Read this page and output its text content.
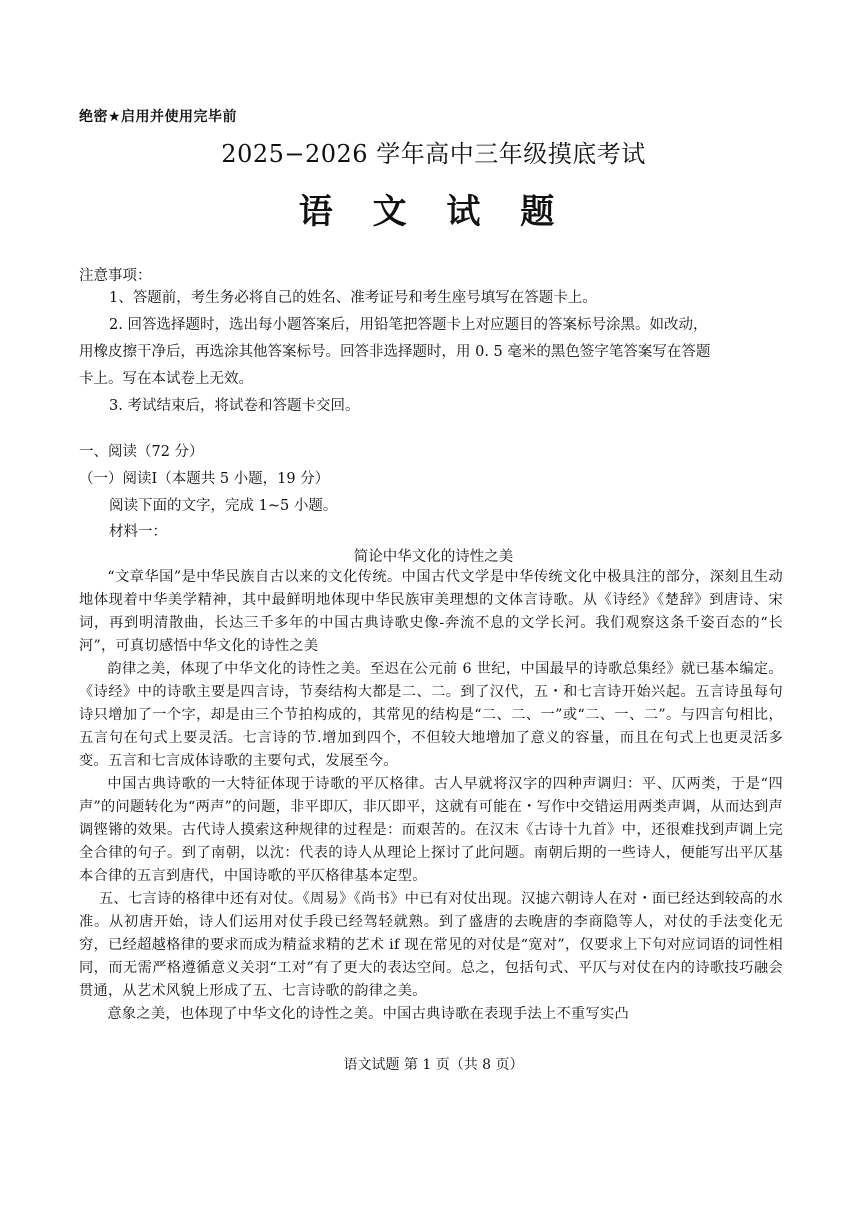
绝密★启用并使用完毕前
2025−2026 学年高中三年级摸底考试
语 文 试 题
注意事项：
1、答题前，考生务必将自己的姓名、准考证号和考生座号填写在答题卡上。
2. 回答选择题时，选出每小题答案后，用铅笔把答题卡上对应题目的答案标号涂黑。如改动，
用橡皮擦干净后，再选涂其他答案标号。回答非选择题时，用 0. 5 毫米的黑色签字笔答案写在答题
卡上。写在本试卷上无效。
3. 考试结束后，将试卷和答题卡交回。
一、阅读（72 分）
（一）阅读Ⅰ（本题共 5 小题，19 分）
阅读下面的文字，完成 1~5 小题。
材料一：
简论中华文化的诗性之美

“文章华国”是中华民族自古以来的文化传统。中国古代文学是中华传统文化中极具注的部分，深刻且生动地体现着中华美学精神，其中最鲜明地体现中华民族审美理想的文体言诗歌。从《诗经》《楚辞》到唐诗、宋词，再到明清散曲，长达三千多年的中国古典诗歌史像-奔流不息的文学长河。我们观察这条千姿百态的“长河”，可真切感悟中华文化的诗性之美

韵律之美，体现了中华文化的诗性之美。至迟在公元前 6 世纪，中国最早的诗歌总集经》就已基本编定。《诗经》中的诗歌主要是四言诗，节奏结构大都是二、二。到了汉代，五・和七言诗开始兴起。五言诗虽每句诗只增加了一个字，却是由三个节拍构成的，其常见的结构是“二、二、一”或“二、一、二”。与四言句相比，五言句在句式上要灵活。七言诗的节.增加到四个，不但较大地增加了意义的容量，而且在句式上也更灵活多变。五言和七言成体诗歌的主要句式，发展至今。

中国古典诗歌的一大特征体现于诗歌的平仄格律。古人早就将汉字的四种声调归：平、仄两类，于是“四声”的问题转化为“两声”的问题，非平即仄，非仄即平，这就有可能在・写作中交错运用两类声调，从而达到声调铿锵的效果。古代诗人摸索这种规律的过程是：而艰苦的。在汉末《古诗十九首》中，还很难找到声调上完全合律的句子。到了南朝，以沈：代表的诗人从理论上探讨了此问题。南朝后期的一些诗人，便能写出平仄基本合律的五言到唐代，中国诗歌的平仄格律基本定型。

五、七言诗的格律中还有对仗。《周易》《尚书》中已有对仗出现。汉摅六朝诗人在对・面已经达到较高的水准。从初唐开始，诗人们运用对仗手段已经驾轻就熟。到了盛唐的去晚唐的李商隐等人，对仗的手法变化无穷，已经超越格律的要求而成为精益求精的艺术 if 现在常见的对仗是“宽对”，仅要求上下句对应词语的词性相同，而无需严格遵循意义关羽“工对”有了更大的表达空间。总之，包括句式、平仄与对仗在内的诗歌技巧融会贯通，从艺术风貌上形成了五、七言诗歌的韵律之美。

意象之美，也体现了中华文化的诗性之美。中国古典诗歌在表现手法上不重写实凸

语文试题 第 1 页（共 8 页）
